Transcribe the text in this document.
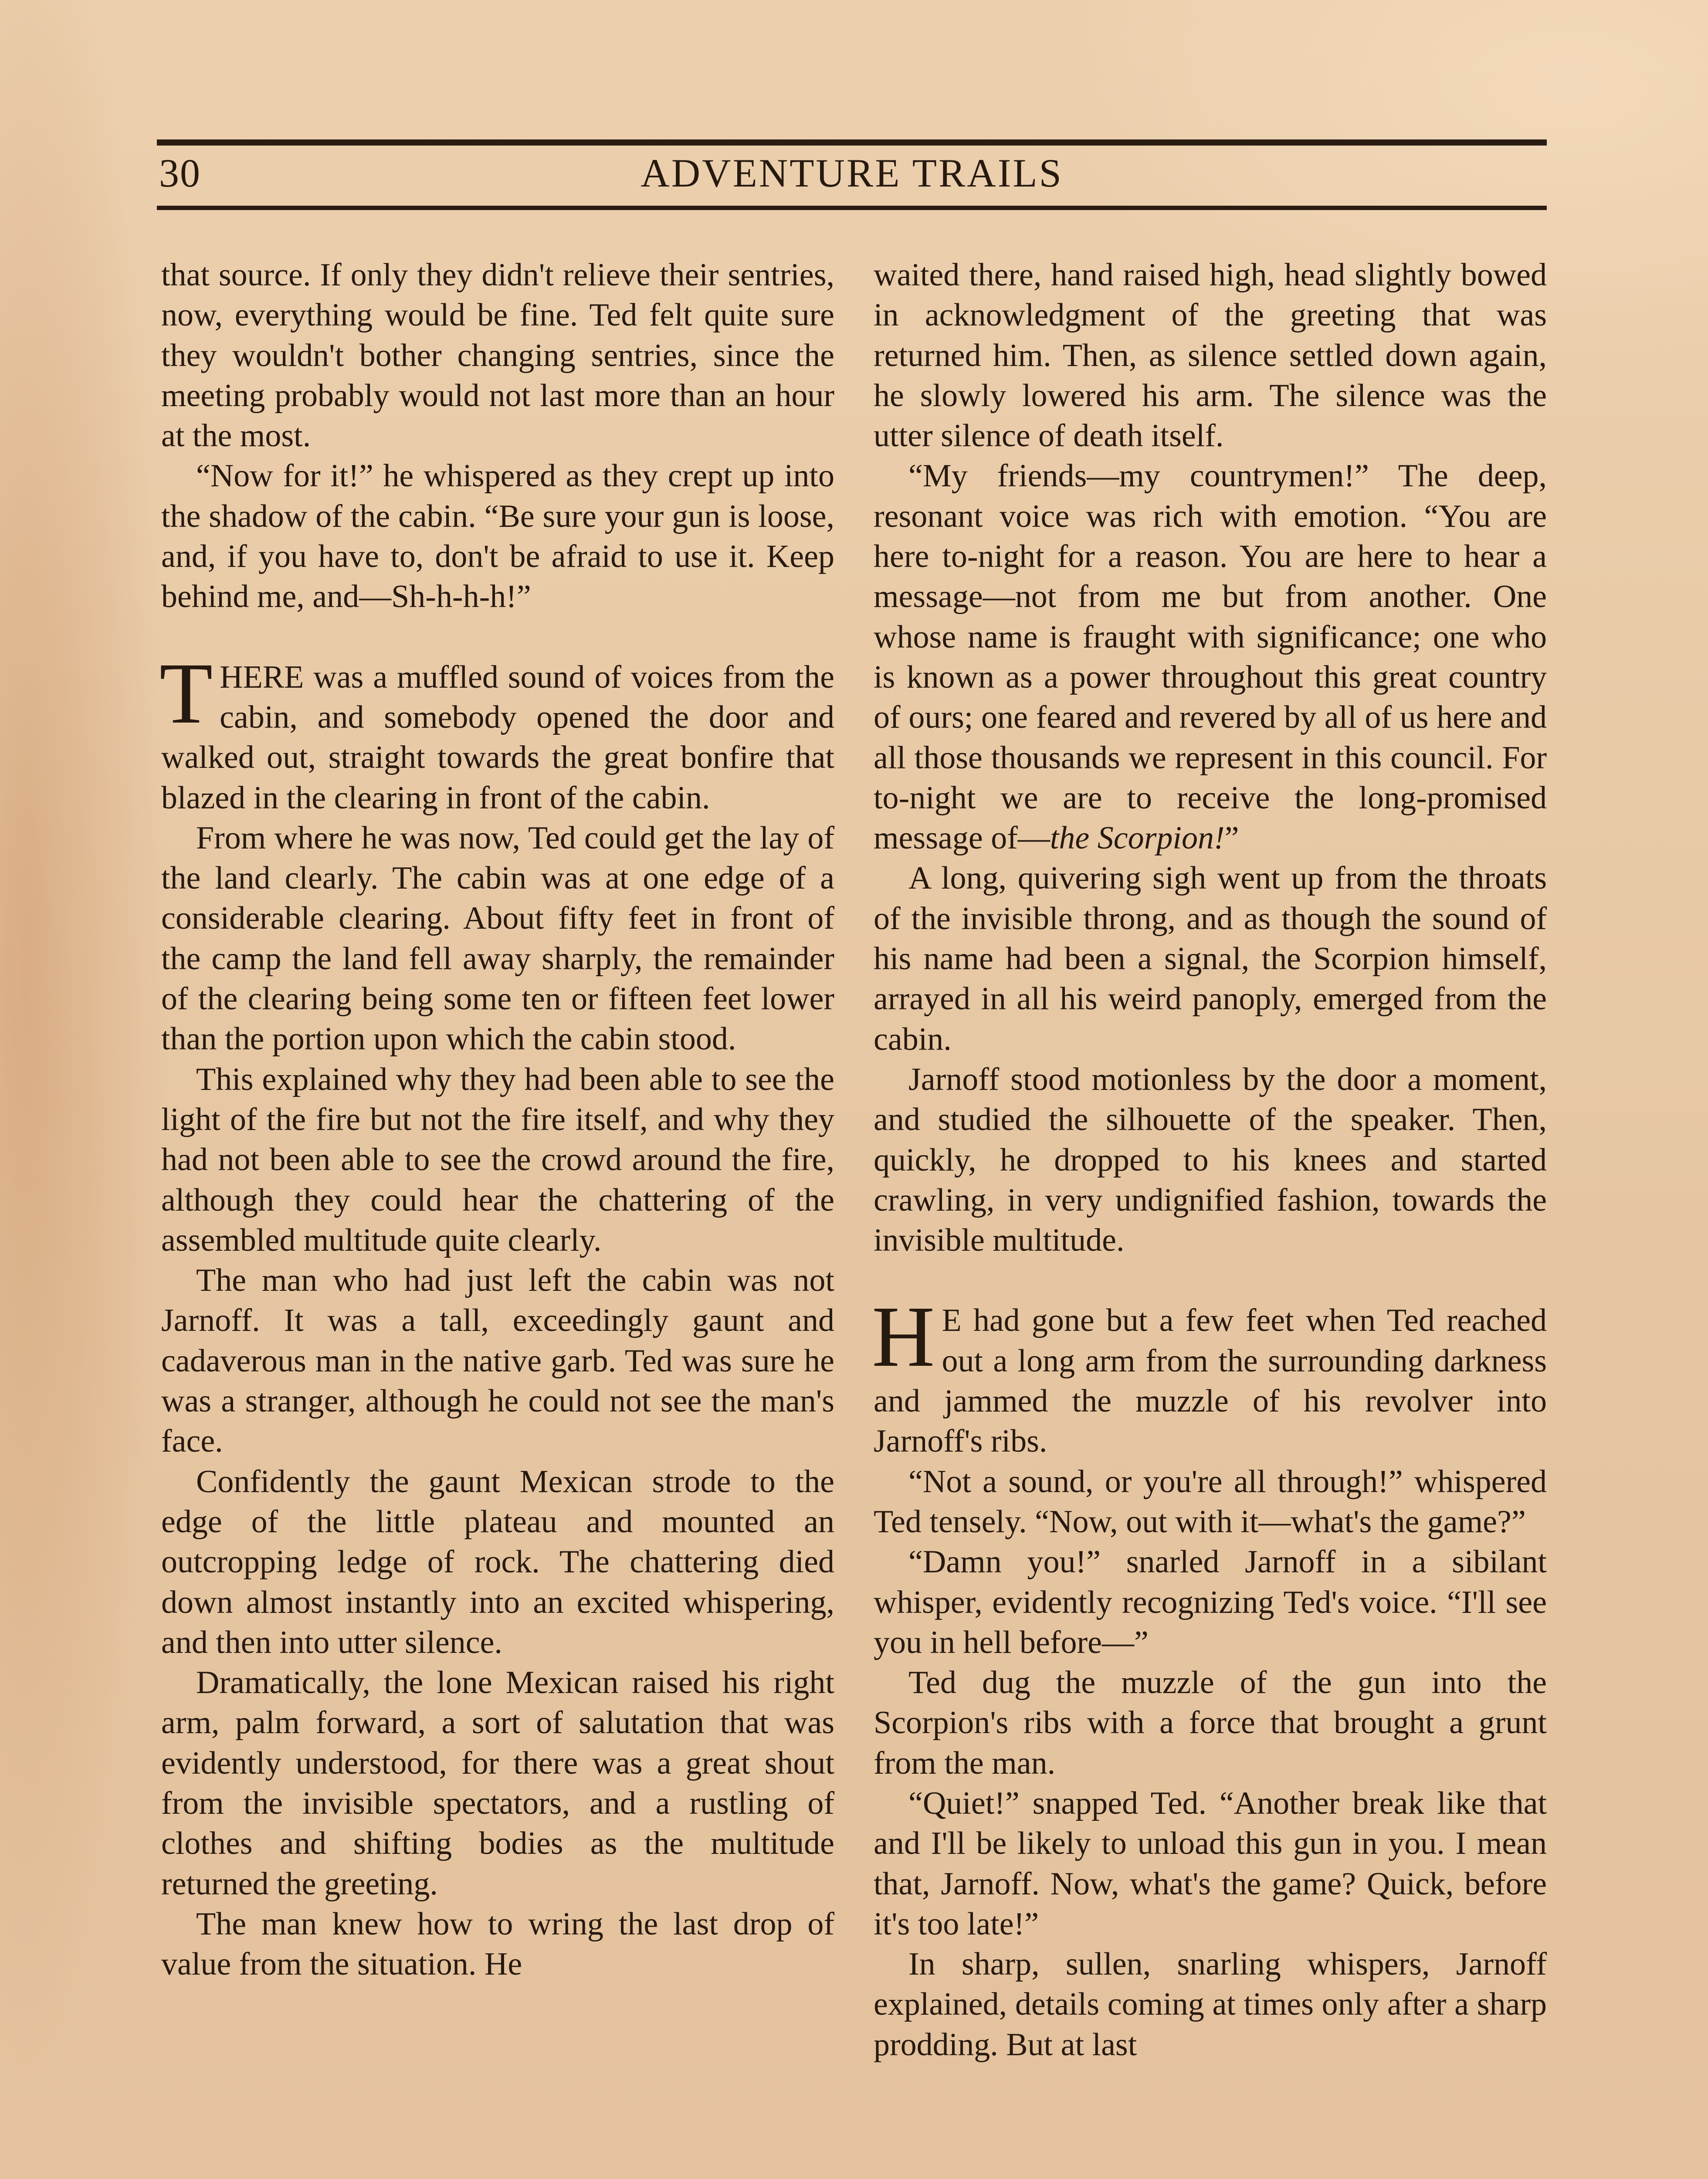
30	ADVENTURE TRAILS

that source. If only they didn't relieve their sentries, now, everything would be fine. Ted felt quite sure they wouldn't bother changing sentries, since the meeting probably would not last more than an hour at the most.

“Now for it!” he whispered as they crept up into the shadow of the cabin. “Be sure your gun is loose, and, if you have to, don't be afraid to use it. Keep behind me, and—Sh-h-h-h!”

THERE was a muffled sound of voices from the cabin, and somebody opened the door and walked out, straight towards the great bonfire that blazed in the clearing in front of the cabin.

From where he was now, Ted could get the lay of the land clearly. The cabin was at one edge of a considerable clearing. About fifty feet in front of the camp the land fell away sharply, the remainder of the clearing being some ten or fifteen feet lower than the portion upon which the cabin stood.

This explained why they had been able to see the light of the fire but not the fire itself, and why they had not been able to see the crowd around the fire, although they could hear the chattering of the assembled multitude quite clearly.

The man who had just left the cabin was not Jarnoff. It was a tall, exceedingly gaunt and cadaverous man in the native garb. Ted was sure he was a stranger, although he could not see the man's face.

Confidently the gaunt Mexican strode to the edge of the little plateau and mounted an outcropping ledge of rock. The chattering died down almost instantly into an excited whispering, and then into utter silence.

Dramatically, the lone Mexican raised his right arm, palm forward, a sort of salutation that was evidently understood, for there was a great shout from the invisible spectators, and a rustling of clothes and shifting bodies as the multitude returned the greeting.

The man knew how to wring the last drop of value from the situation. He

waited there, hand raised high, head slightly bowed in acknowledgment of the greeting that was returned him. Then, as silence settled down again, he slowly lowered his arm. The silence was the utter silence of death itself.

“My friends—my countrymen!” The deep, resonant voice was rich with emotion. “You are here to-night for a reason. You are here to hear a message—not from me but from another. One whose name is fraught with significance; one who is known as a power throughout this great country of ours; one feared and revered by all of us here and all those thousands we represent in this council. For to-night we are to receive the long-promised message of—the Scorpion!”

A long, quivering sigh went up from the throats of the invisible throng, and as though the sound of his name had been a signal, the Scorpion himself, arrayed in all his weird panoply, emerged from the cabin.

Jarnoff stood motionless by the door a moment, and studied the silhouette of the speaker. Then, quickly, he dropped to his knees and started crawling, in very undignified fashion, towards the invisible multitude.

H E had gone but a few feet when Ted reached out a long arm from the surrounding darkness and jammed the muzzle of his revolver into Jarnoff's ribs.

“Not a sound, or you're all through!” whispered Ted tensely. “Now, out with it—what's the game?”

“Damn you!” snarled Jarnoff in a sibilant whisper, evidently recognizing Ted's voice. “I'll see you in hell before—”

Ted dug the muzzle of the gun into the Scorpion's ribs with a force that brought a grunt from the man.

“Quiet!” snapped Ted. “Another break like that and I'll be likely to unload this gun in you. I mean that, Jarnoff. Now, what's the game? Quick, before it's too late!”

In sharp, sullen, snarling whispers, Jarnoff explained, details coming at times only after a sharp prodding. But at last
